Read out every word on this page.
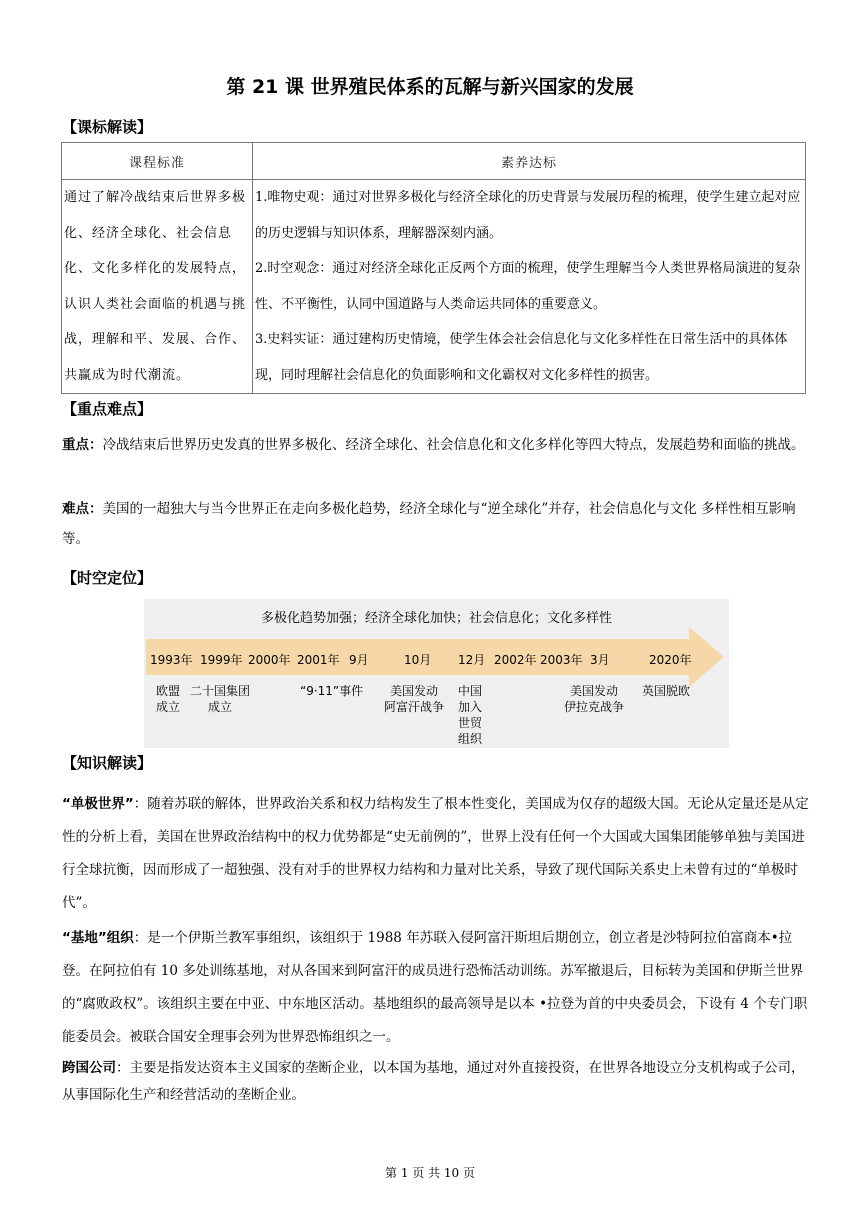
第 21 课 世界殖民体系的瓦解与新兴国家的发展
【课标解读】
课程标准	素养达标
通过了解冷战结束后世界多极化、经济全球化、社会信息化、文化多样化的发展特点，认识人类社会面临的机遇与挑战，理解和平、发展、合作、共赢成为时代潮流。	1.唯物史观：通过对世界多极化与经济全球化的历史背景与发展历程的梳理，使学生建立起对应的历史逻辑与知识体系，理解器深刻内涵。
2.时空观念：通过对经济全球化正反两个方面的梳理，使学生理解当今人类世界格局演进的复杂性、不平衡性，认同中国道路与人类命运共同体的重要意义。
3.史料实证：通过建构历史情境，使学生体会社会信息化与文化多样性在日常生活中的具体体现，同时理解社会信息化的负面影响和文化霸权对文化多样性的损害。
【重点难点】
重点：冷战结束后世界历史发真的世界多极化、经济全球化、社会信息化和文化多样化等四大特点，发展趋势和面临的挑战。
难点：美国的一超独大与当今世界正在走向多极化趋势，经济全球化与“逆全球化”并存，社会信息化与文化 多样性相互影响等。
【时空定位】
多极化趋势加强；经济全球化加快；社会信息化；文化多样性
1993年 1999年 2000年 2001年 9月	10月 12月 2002年 2003年 3月	2020年
欧盟
成立
二十国集团
成立
“9·11”事件	美国发动
阿富汗战争
中国
加入
世贸
组织
美国发动
伊拉克战争
英国脱欧
【知识解读】
“单极世界”：随着苏联的解体，世界政治关系和权力结构发生了根本性变化，美国成为仅存的超级大国。无论从定量还是从定性的分析上看，美国在世界政治结构中的权力优势都是“史无前例的”，世界上没有任何一个大国或大国集团能够单独与美国进行全球抗衡，因而形成了一超独强、没有对手的世界权力结构和力量对比关系，导致了现代国际关系史上未曾有过的“单极时代”。
“基地”组织：是一个伊斯兰教军事组织，该组织于 1988 年苏联入侵阿富汗斯坦后期创立，创立者是沙特阿拉伯富商本•拉登。在阿拉伯有 10 多处训练基地，对从各国来到阿富汗的成员进行恐怖活动训练。苏军撤退后，目标转为美国和伊斯兰世界的“腐败政权”。该组织主要在中亚、中东地区活动。基地组织的最高领导是以本 •拉登为首的中央委员会，下设有 4 个专门职能委员会。被联合国安全理事会列为世界恐怖组织之一。
跨国公司：主要是指发达资本主义国家的垄断企业，以本国为基地，通过对外直接投资，在世界各地设立分支机构或子公司，从事国际化生产和经营活动的垄断企业。
第 1 页 共 10 页
